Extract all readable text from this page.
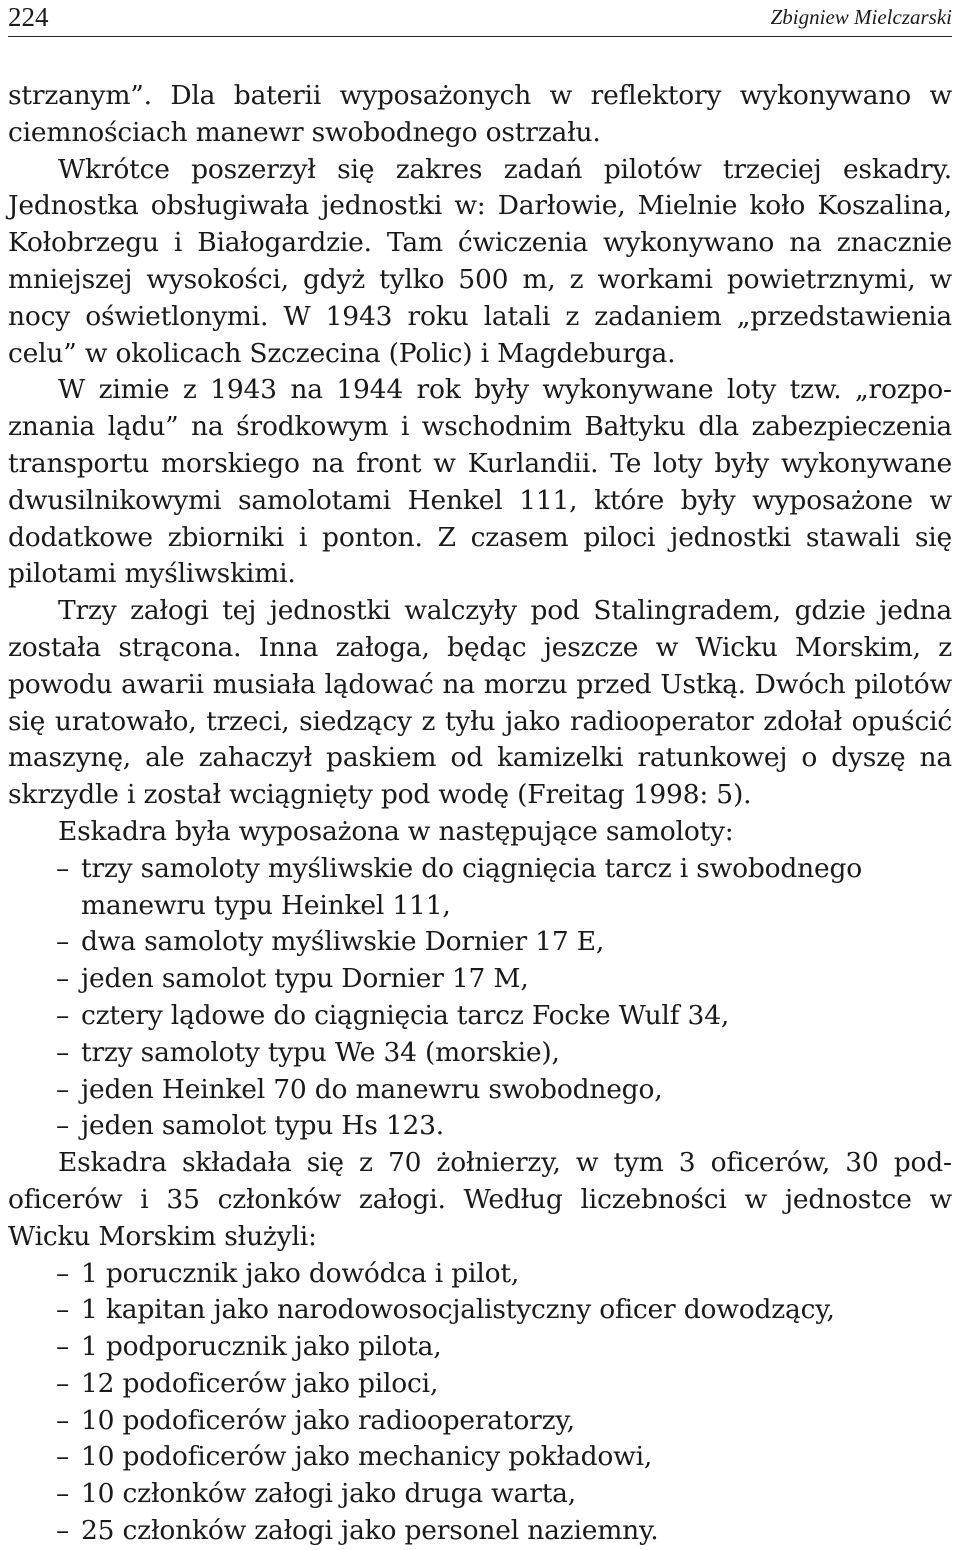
224	Zbigniew Mielczarski

strzanym”. Dla baterii wyposażonych w reflektory wykonywano w ciemnościach manewr swobodnego ostrzału.

Wkrótce poszerzył się zakres zadań pilotów trzeciej eskadry. Jednostka obsługiwała jednostki w: Darłowie, Mielnie koło Koszalina, Kołobrzegu i Białogardzie. Tam ćwiczenia wykonywano na znacznie mniejszej wysokości, gdyż tylko 500 m, z workami powietrznymi, w nocy oświetlonymi. W 1943 roku latali z zadaniem „przedstawienia celu” w okolicach Szczecina (Polic) i Magdeburga.

W zimie z 1943 na 1944 rok były wykonywane loty tzw. „rozpoznania lądu” na środkowym i wschodnim Bałtyku dla zabezpieczenia transportu morskiego na front w Kurlandii. Te loty były wykonywane dwusilnikowymi samolotami Henkel 111, które były wyposażone w dodatkowe zbiorniki i ponton. Z czasem piloci jednostki stawali się pilotami myśliwskimi.

Trzy załogi tej jednostki walczyły pod Stalingradem, gdzie jedna została strącona. Inna załoga, będąc jeszcze w Wicku Morskim, z powodu awarii musiała lądować na morzu przed Ustką. Dwóch pilotów się uratowało, trzeci, siedzący z tyłu jako radiooperator zdołał opuścić maszynę, ale zahaczył paskiem od kamizelki ratunkowej o dyszę na skrzydle i został wciągnięty pod wodę (Freitag 1998: 5).

Eskadra była wyposażona w następujące samoloty:

– trzy samoloty myśliwskie do ciągnięcia tarcz i swobodnego manewru typu Heinkel 111,
– dwa samoloty myśliwskie Dornier 17 E,
– jeden samolot typu Dornier 17 M,
– cztery lądowe do ciągnięcia tarcz Focke Wulf 34,
– trzy samoloty typu We 34 (morskie),
– jeden Heinkel 70 do manewru swobodnego,
– jeden samolot typu Hs 123.

Eskadra składała się z 70 żołnierzy, w tym 3 oficerów, 30 podoficerów i 35 członków załogi. Według liczebności w jednostce w Wicku Morskim służyli:

– 1 porucznik jako dowódca i pilot,
– 1 kapitan jako narodowosocjalistyczny oficer dowodzący,
– 1 podporucznik jako pilota,
– 12 podoficerów jako piloci,
– 10 podoficerów jako radiooperatorzy,
– 10 podoficerów jako mechanicy pokładowi,
– 10 członków załogi jako druga warta,
– 25 członków załogi jako personel naziemny.
